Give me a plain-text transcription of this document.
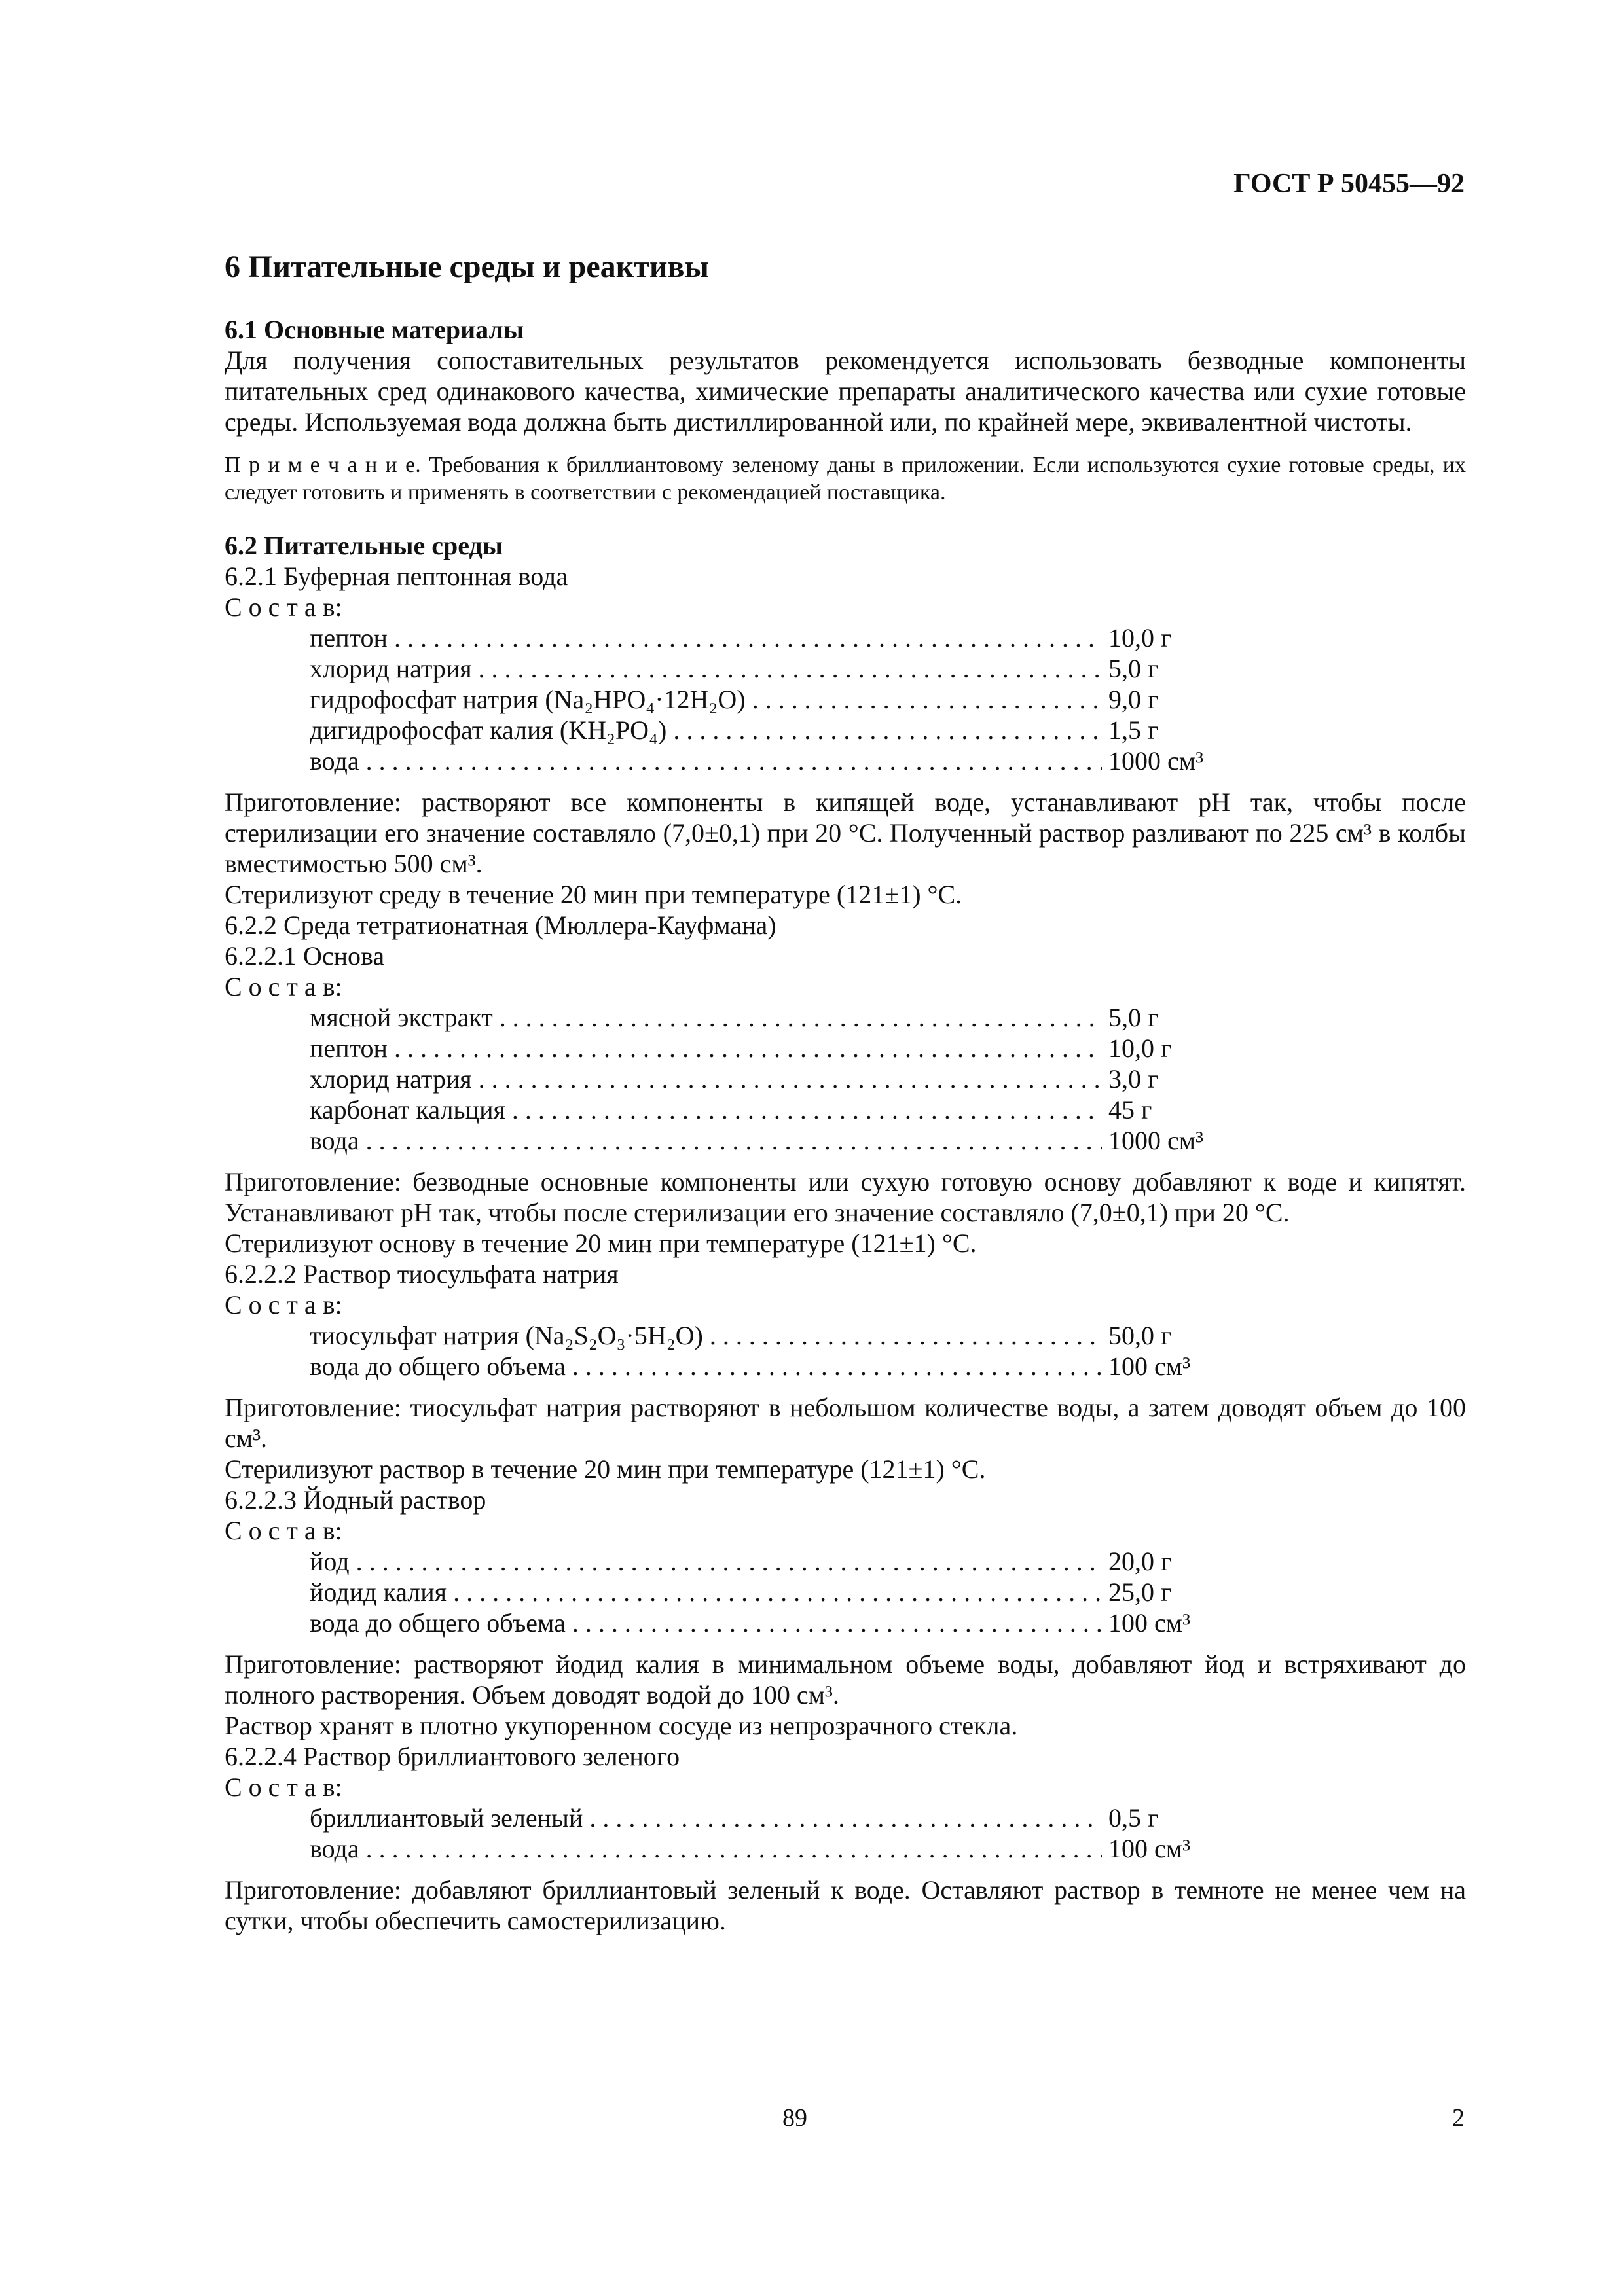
ГОСТ Р 50455—92
6 Питательные среды и реактивы
6.1 Основные материалы

Для получения сопоставительных результатов рекомендуется использовать безводные компоненты питательных сред одинакового качества, химические препараты аналитического качества или сухие готовые среды. Используемая вода должна быть дистиллированной или, по крайней мере, эквивалентной чистоты.

П р и м е ч а н и е. Требования к бриллиантовому зеленому даны в приложении. Если используются сухие готовые среды, их следует готовить и применять в соответствии с рекомендацией поставщика.

6.2 Питательные среды

6.2.1 Буферная пептонная вода

С о с т а в:

пептон . . .	10,0 г
хлорид натрия . . .	5,0 г
гидрофосфат натрия (Na₂HPO₄·12H₂O) . . .	9,0 г
дигидрофосфат калия (KH₂PO₄) . . .	1,5 г
вода . . .	1000 см³

Приготовление: растворяют все компоненты в кипящей воде, устанавливают pH так, чтобы после стерилизации его значение составляло (7,0±0,1) при 20 °С. Полученный раствор разливают по 225 см³ в колбы вместимостью 500 см³.

Стерилизуют среду в течение 20 мин при температуре (121±1) °С.

6.2.2 Среда тетратионатная (Мюллера-Кауфмана)

6.2.2.1 Основа

С о с т а в:

мясной экстракт . . .	5,0 г
пептон . . .	10,0 г
хлорид натрия . . .	3,0 г
карбонат кальция . . .	45 г
вода . . .	1000 см³

Приготовление: безводные основные компоненты или сухую готовую основу добавляют к воде и кипятят. Устанавливают pH так, чтобы после стерилизации его значение составляло (7,0±0,1) при 20 °С.

Стерилизуют основу в течение 20 мин при температуре (121±1) °С.

6.2.2.2 Раствор тиосульфата натрия

С о с т а в:

тиосульфат натрия (Na₂S₂O₃·5H₂O) . . .	50,0 г
вода до общего объема . . .	100 см³

Приготовление: тиосульфат натрия растворяют в небольшом количестве воды, а затем доводят объем до 100 см³.

Стерилизуют раствор в течение 20 мин при температуре (121±1) °С.

6.2.2.3 Йодный раствор

С о с т а в:

йод . . .	20,0 г
йодид калия . . .	25,0 г
вода до общего объема . . .	100 см³

Приготовление: растворяют йодид калия в минимальном объеме воды, добавляют йод и встряхивают до полного растворения. Объем доводят водой до 100 см³.

Раствор хранят в плотно укупоренном сосуде из непрозрачного стекла.

6.2.2.4 Раствор бриллиантового зеленого

С о с т а в:

бриллиантовый зеленый . . .	0,5 г
вода . . .	100 см³

Приготовление: добавляют бриллиантовый зеленый к воде. Оставляют раствор в темноте не менее чем на сутки, чтобы обеспечить самостерилизацию.

89	2
